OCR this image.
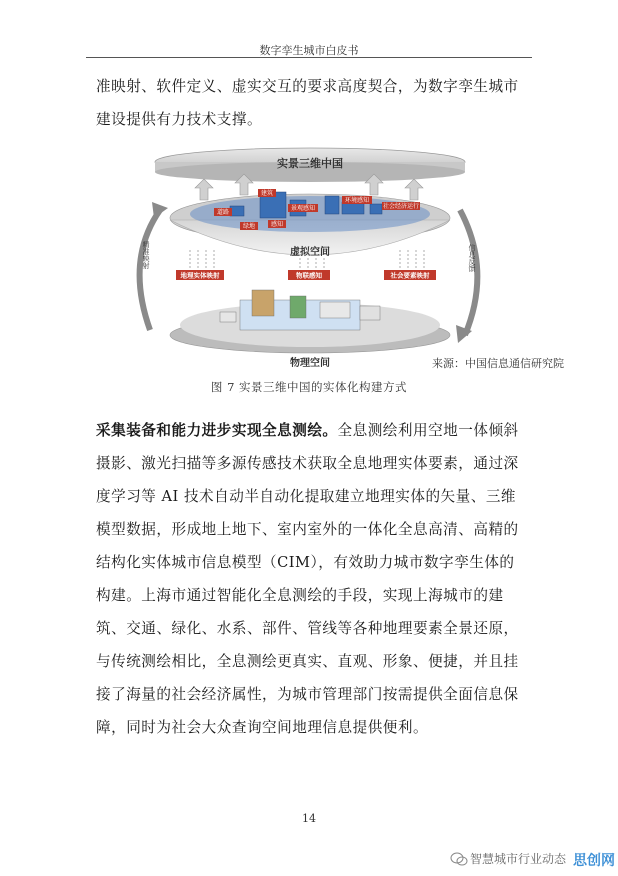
数字孪生城市白皮书

准映射、软件定义、虚实交互的要求高度契合，为数字孪生城市建设提供有力技术支撑。

实景三维中国
虚拟空间
建筑
道路
感知
景观感知
环境感知
社会经济运行
绿地
地理实体映射	物联感知	社会要素映射
精准映射	信息反馈
物理空间	来源：中国信息通信研究院
图 7 实景三维中国的实体化构建方式

采集装备和能力进步实现全息测绘。全息测绘利用空地一体倾斜摄影、激光扫描等多源传感技术获取全息地理实体要素，通过深度学习等 AI 技术自动半自动化提取建立地理实体的矢量、三维模型数据，形成地上地下、室内室外的一体化全息高清、高精的结构化实体城市信息模型（CIM），有效助力城市数字孪生体的构建。上海市通过智能化全息测绘的手段，实现上海城市的建筑、交通、绿化、水系、部件、管线等各种地理要素全景还原，与传统测绘相比，全息测绘更真实、直观、形象、便捷，并且挂接了海量的社会经济属性，为城市管理部门按需提供全面信息保障，同时为社会大众查询空间地理信息提供便利。

14
智慧城市行业动态 思创网
